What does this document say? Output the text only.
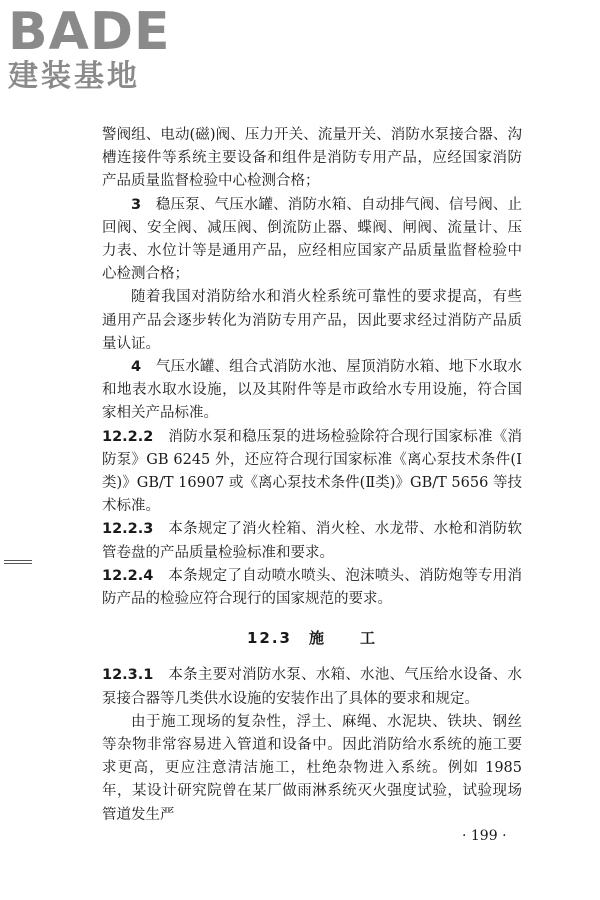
BADE
建装基地

警阀组、电动(磁)阀、压力开关、流量开关、消防水泵接合器、沟槽连接件等系统主要设备和组件是消防专用产品，应经国家消防产品质量监督检验中心检测合格；

3　 稳压泵、气压水罐、消防水箱、自动排气阀、信号阀、止回阀、安全阀、减压阀、倒流防止器、蝶阀、闸阀、流量计、压力表、水位计等是通用产品，应经相应国家产品质量监督检验中心检测合格；

随着我国对消防给水和消火栓系统可靠性的要求提高，有些通用产品会逐步转化为消防专用产品，因此要求经过消防产品质量认证。

4　 气压水罐、组合式消防水池、屋顶消防水箱、地下水取水和地表水取水设施，以及其附件等是市政给水专用设施，符合国家相关产品标准。

12.2.2　 消防水泵和稳压泵的进场检验除符合现行国家标准《消防泵》GB 6245 外，还应符合现行国家标准《离心泵技术条件(Ⅰ类)》GB/T 16907 或《离心泵技术条件(Ⅱ类)》GB/T 5656 等技术标准。

12.2.3　 本条规定了消火栓箱、消火栓、水龙带、水枪和消防软管卷盘的产品质量检验标准和要求。

12.2.4　 本条规定了自动喷水喷头、泡沫喷头、消防炮等专用消防产品的检验应符合现行的国家规范的要求。

12.3　 施　　工

12.3.1　 本条主要对消防水泵、水箱、水池、气压给水设备、水泵接合器等几类供水设施的安装作出了具体的要求和规定。

由于施工现场的复杂性，浮土、麻绳、水泥块、铁块、钢丝等杂物非常容易进入管道和设备中。因此消防给水系统的施工要求更高，更应注意清洁施工，杜绝杂物进入系统。例如 1985 年，某设计研究院曾在某厂做雨淋系统灭火强度试验，试验现场管道发生严

· 199 ·
